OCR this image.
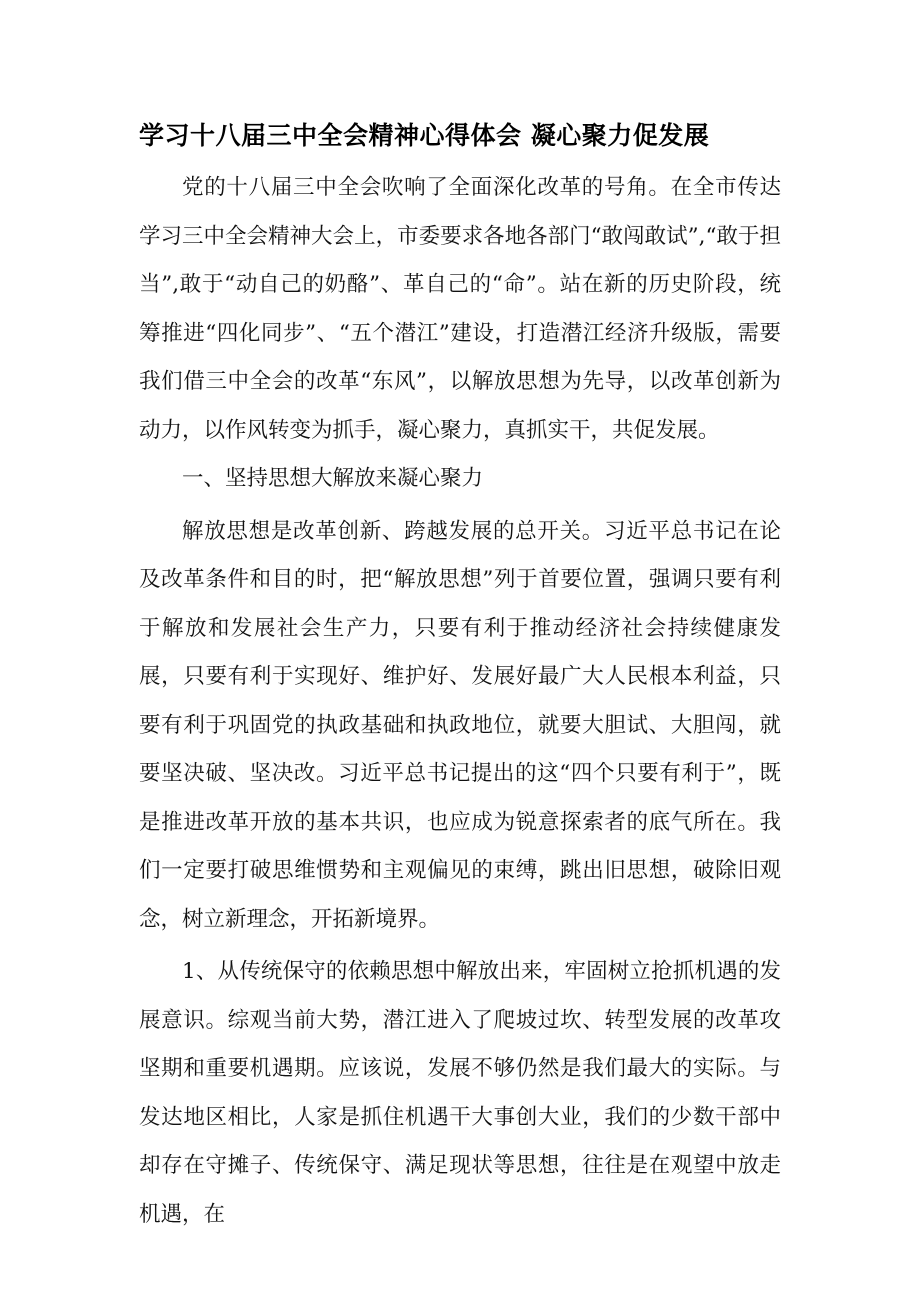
学习十八届三中全会精神心得体会 凝心聚力促发展

党的十八届三中全会吹响了全面深化改革的号角。在全市传达学习三中全会精神大会上，市委要求各地各部门“敢闯敢试”,“敢于担当”,敢于“动自己的奶酪”、革自己的“命”。站在新的历史阶段，统筹推进“四化同步”、“五个潜江”建设，打造潜江经济升级版，需要我们借三中全会的改革“东风”，以解放思想为先导，以改革创新为动力，以作风转变为抓手，凝心聚力，真抓实干，共促发展。

一、坚持思想大解放来凝心聚力

解放思想是改革创新、跨越发展的总开关。习近平总书记在论及改革条件和目的时，把“解放思想”列于首要位置，强调只要有利于解放和发展社会生产力，只要有利于推动经济社会持续健康发展，只要有利于实现好、维护好、发展好最广大人民根本利益，只要有利于巩固党的执政基础和执政地位，就要大胆试、大胆闯，就要坚决破、坚决改。习近平总书记提出的这“四个只要有利于”，既是推进改革开放的基本共识，也应成为锐意探索者的底气所在。我们一定要打破思维惯势和主观偏见的束缚，跳出旧思想，破除旧观念，树立新理念，开拓新境界。

1、从传统保守的依赖思想中解放出来，牢固树立抢抓机遇的发展意识。综观当前大势，潜江进入了爬坡过坎、转型发展的改革攻坚期和重要机遇期。应该说，发展不够仍然是我们最大的实际。与发达地区相比，人家是抓住机遇干大事创大业，我们的少数干部中却存在守摊子、传统保守、满足现状等思想，往往是在观望中放走机遇，在
